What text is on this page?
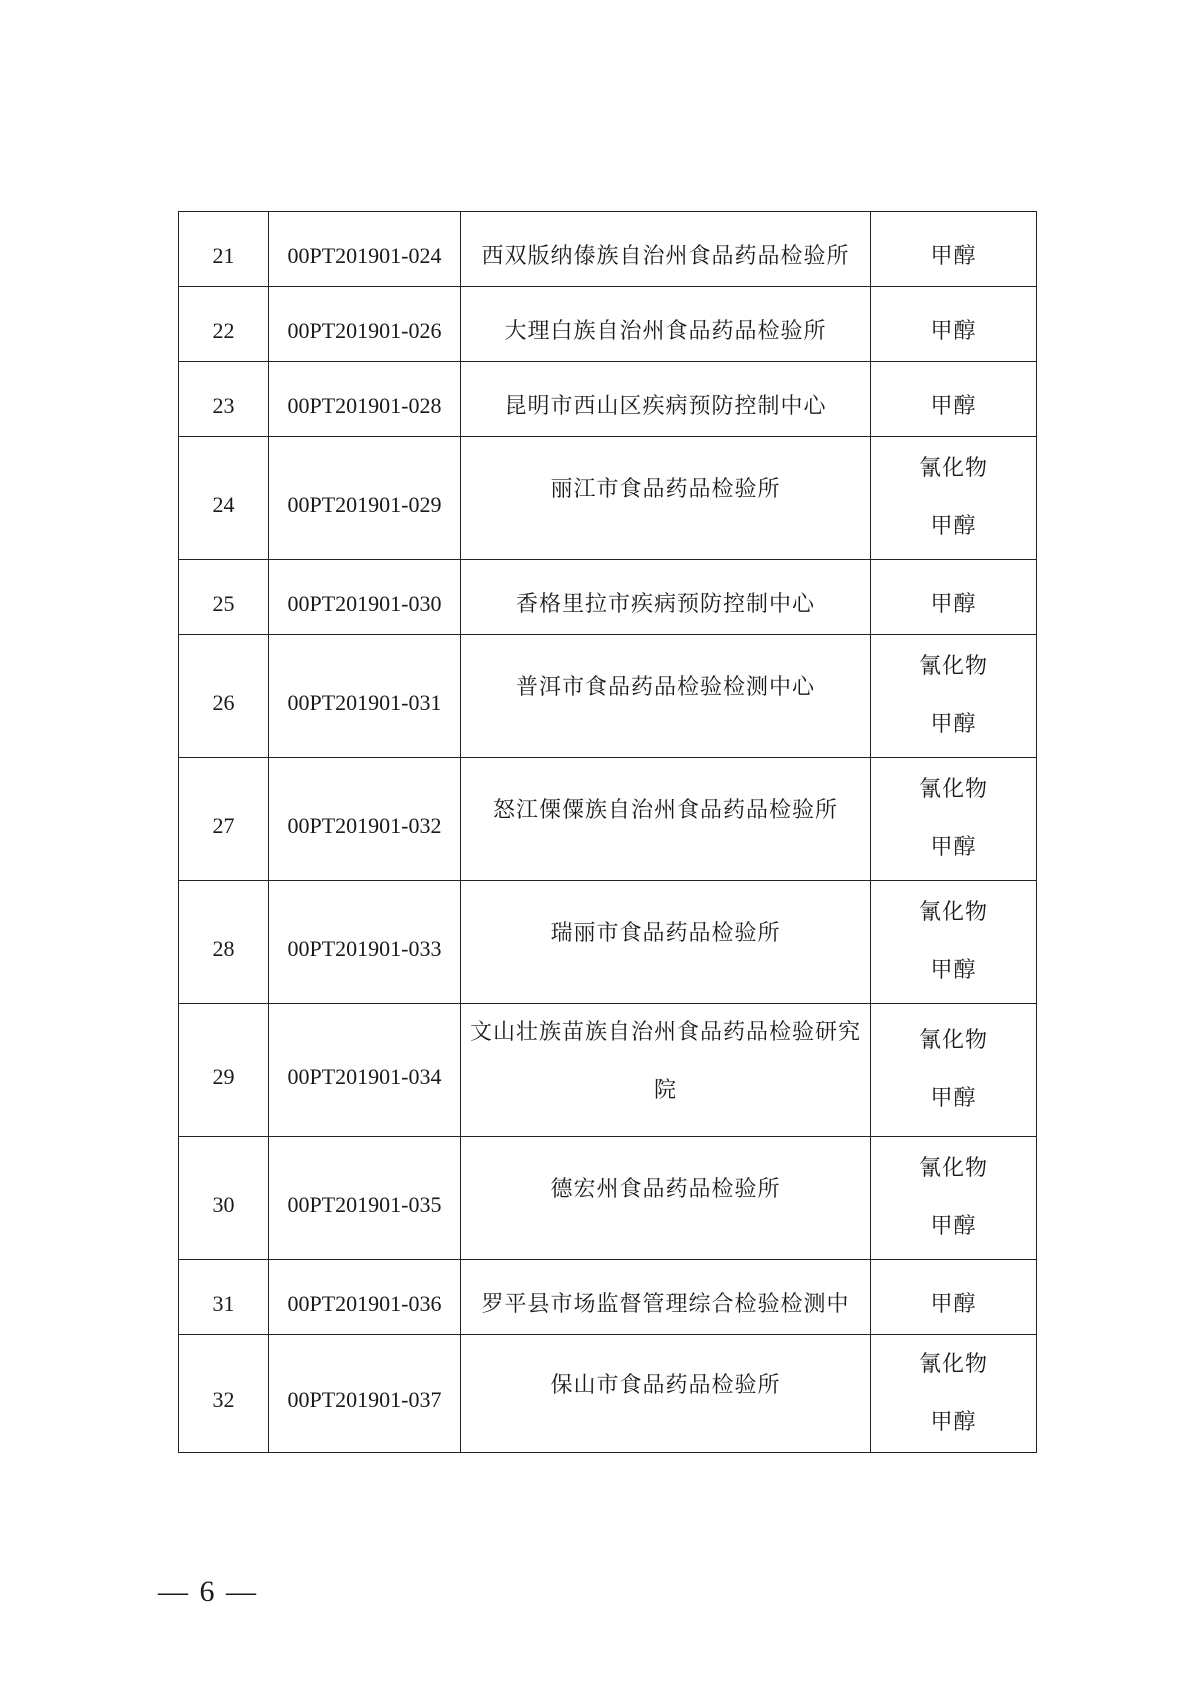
21	00PT201901-024	西双版纳傣族自治州食品药品检验所	甲醇

22	00PT201901-026	大理白族自治州食品药品检验所	甲醇

23	00PT201901-028	昆明市西山区疾病预防控制中心	甲醇

24	00PT201901-029	丽江市食品药品检验所	氰化物
甲醇

25	00PT201901-030	香格里拉市疾病预防控制中心	甲醇

26	00PT201901-031	普洱市食品药品检验检测中心	氰化物
甲醇

27	00PT201901-032	怒江傈僳族自治州食品药品检验所	氰化物
甲醇

28	00PT201901-033	瑞丽市食品药品检验所	氰化物
甲醇

29	00PT201901-034	文山壮族苗族自治州食品药品检验研究院	氰化物
甲醇

30	00PT201901-035	德宏州食品药品检验所	氰化物
甲醇

31	00PT201901-036	罗平县市场监督管理综合检验检测中	甲醇

32	00PT201901-037	保山市食品药品检验所	氰化物
甲醇
— 6 —
